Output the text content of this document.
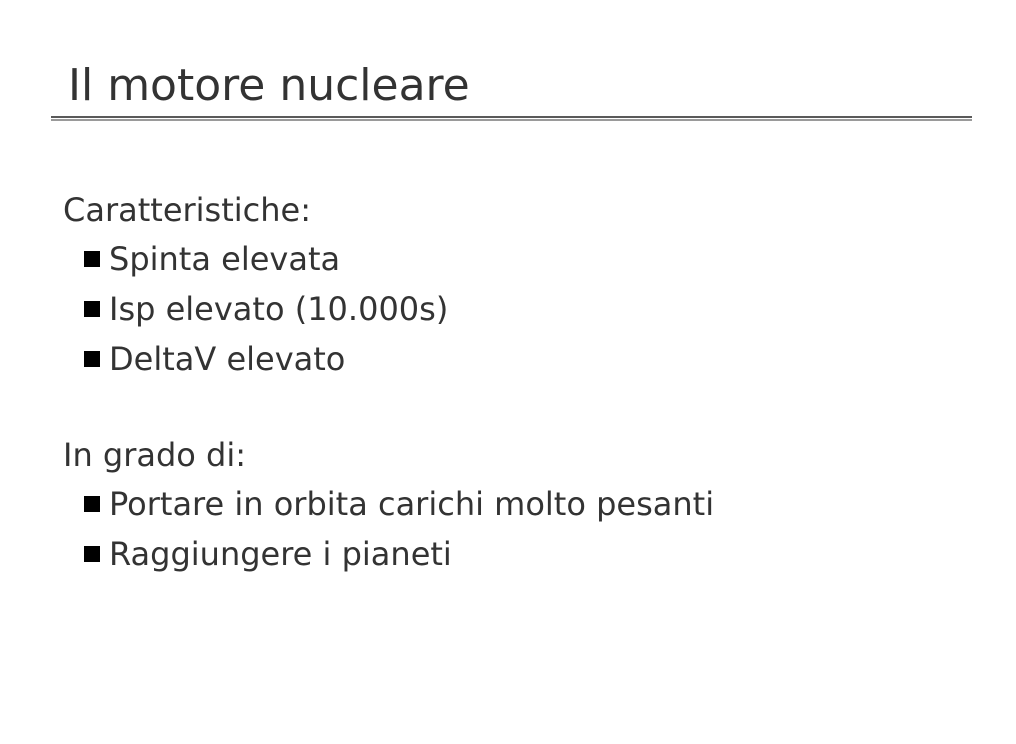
Il motore nucleare

Caratteristiche:

Spinta elevata
Isp elevato (10.000s)
DeltaV elevato

In grado di:

Portare in orbita carichi molto pesanti
Raggiungere i pianeti
